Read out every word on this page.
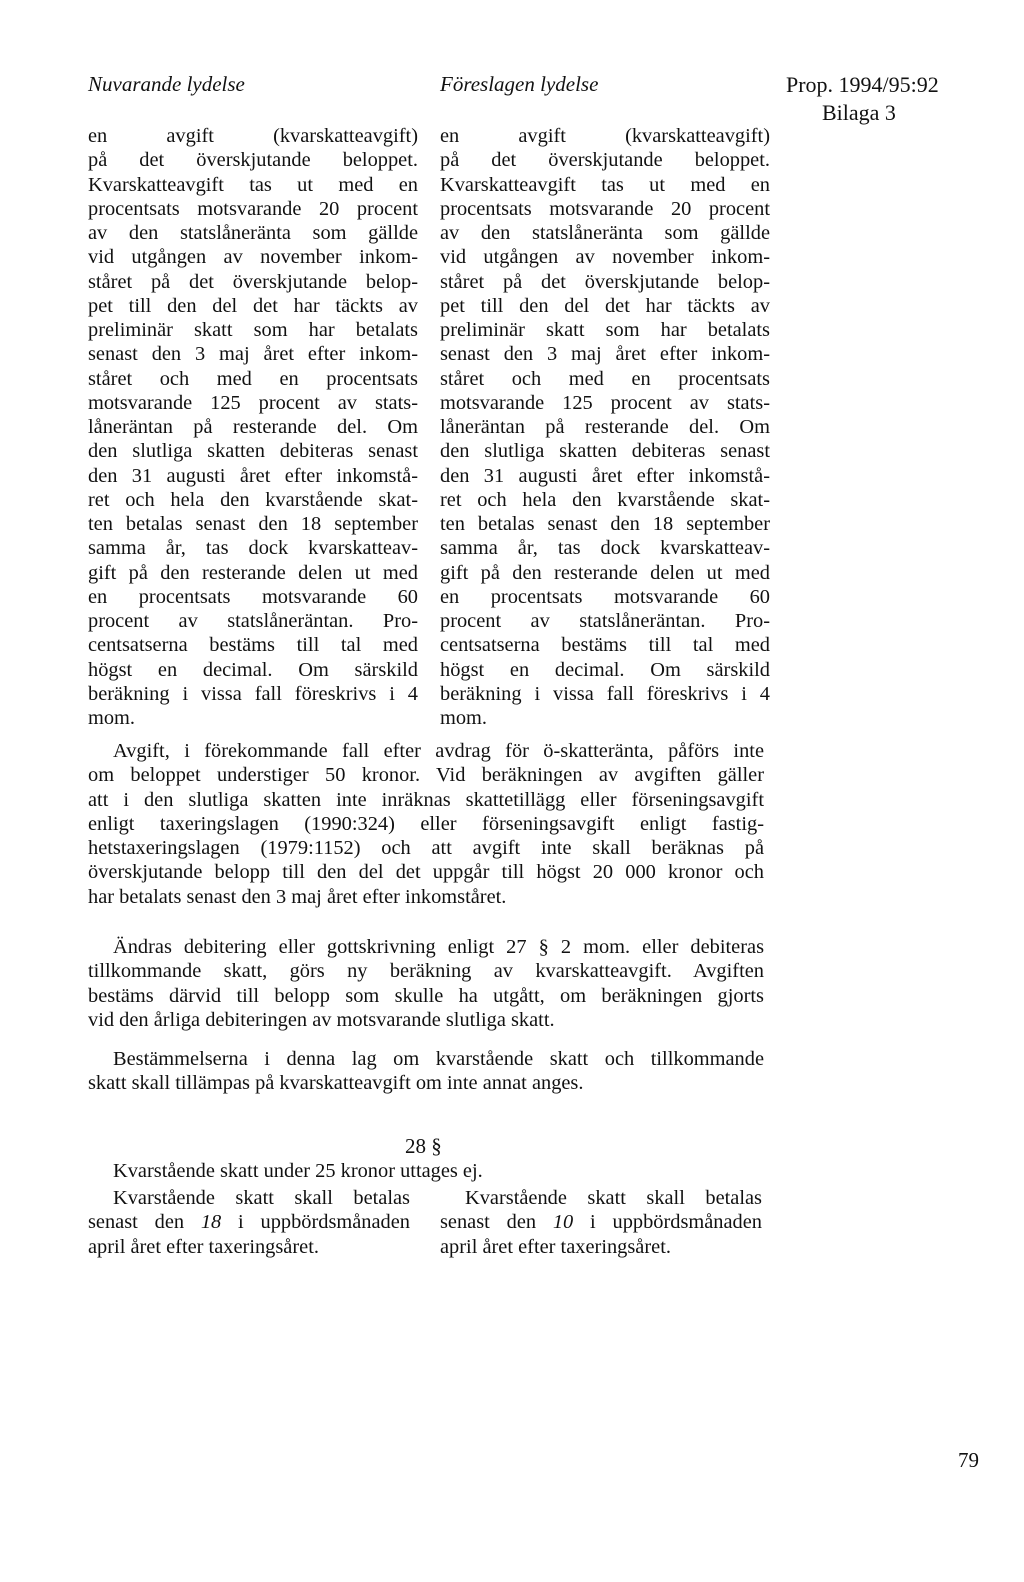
Nuvarande lydelse	Föreslagen lydelse	Prop. 1994/95:92
Bilaga 3
en avgift (kvarskatteavgift)
på det överskjutande beloppet.
Kvarskatteavgift tas ut med en
procentsats motsvarande 20 procent
av den statslåneränta som gällde
vid utgången av november inkom-
ståret på det överskjutande belop-
pet till den del det har täckts av
preliminär skatt som har betalats
senast den 3 maj året efter inkom-
ståret och med en procentsats
motsvarande 125 procent av stats-
låneräntan på resterande del. Om
den slutliga skatten debiteras senast
den 31 augusti året efter inkomstå-
ret och hela den kvarstående skat-
ten betalas senast den 18 september
samma år, tas dock kvarskatteav-
gift på den resterande delen ut med
en procentsats motsvarande 60
procent av statslåneräntan. Pro-
centsatserna bestäms till tal med
högst en decimal. Om särskild
beräkning i vissa fall föreskrivs i 4
mom.
en avgift (kvarskatteavgift)
på det överskjutande beloppet.
Kvarskatteavgift tas ut med en
procentsats motsvarande 20 procent
av den statslåneränta som gällde
vid utgången av november inkom-
ståret på det överskjutande belop-
pet till den del det har täckts av
preliminär skatt som har betalats
senast den 3 maj året efter inkom-
ståret och med en procentsats
motsvarande 125 procent av stats-
låneräntan på resterande del. Om
den slutliga skatten debiteras senast
den 31 augusti året efter inkomstå-
ret och hela den kvarstående skat-
ten betalas senast den 18 september
samma år, tas dock kvarskatteav-
gift på den resterande delen ut med
en procentsats motsvarande 60
procent av statslåneräntan. Pro-
centsatserna bestäms till tal med
högst en decimal. Om särskild
beräkning i vissa fall föreskrivs i 4
mom.
Avgift, i förekommande fall efter avdrag för ö-skatteränta, påförs inte
om beloppet understiger 50 kronor. Vid beräkningen av avgiften gäller
att i den slutliga skatten inte inräknas skattetillägg eller förseningsavgift
enligt taxeringslagen (1990:324) eller förseningsavgift enligt fastig-
hetstaxeringslagen (1979:1152) och att avgift inte skall beräknas på
överskjutande belopp till den del det uppgår till högst 20 000 kronor och
har betalats senast den 3 maj året efter inkomståret.
Ändras debitering eller gottskrivning enligt 27 § 2 mom. eller debiteras
tillkommande skatt, görs ny beräkning av kvarskatteavgift. Avgiften
bestäms därvid till belopp som skulle ha utgått, om beräkningen gjorts
vid den årliga debiteringen av motsvarande slutliga skatt.
Bestämmelserna i denna lag om kvarstående skatt och tillkommande
skatt skall tillämpas på kvarskatteavgift om inte annat anges.
28 §
Kvarstående skatt under 25 kronor uttages ej.
Kvarstående skatt skall betalas
senast den 18 i uppbördsmånaden
april året efter taxeringsåret.
Kvarstående skatt skall betalas
senast den 10 i uppbördsmånaden
april året efter taxeringsåret.
79
